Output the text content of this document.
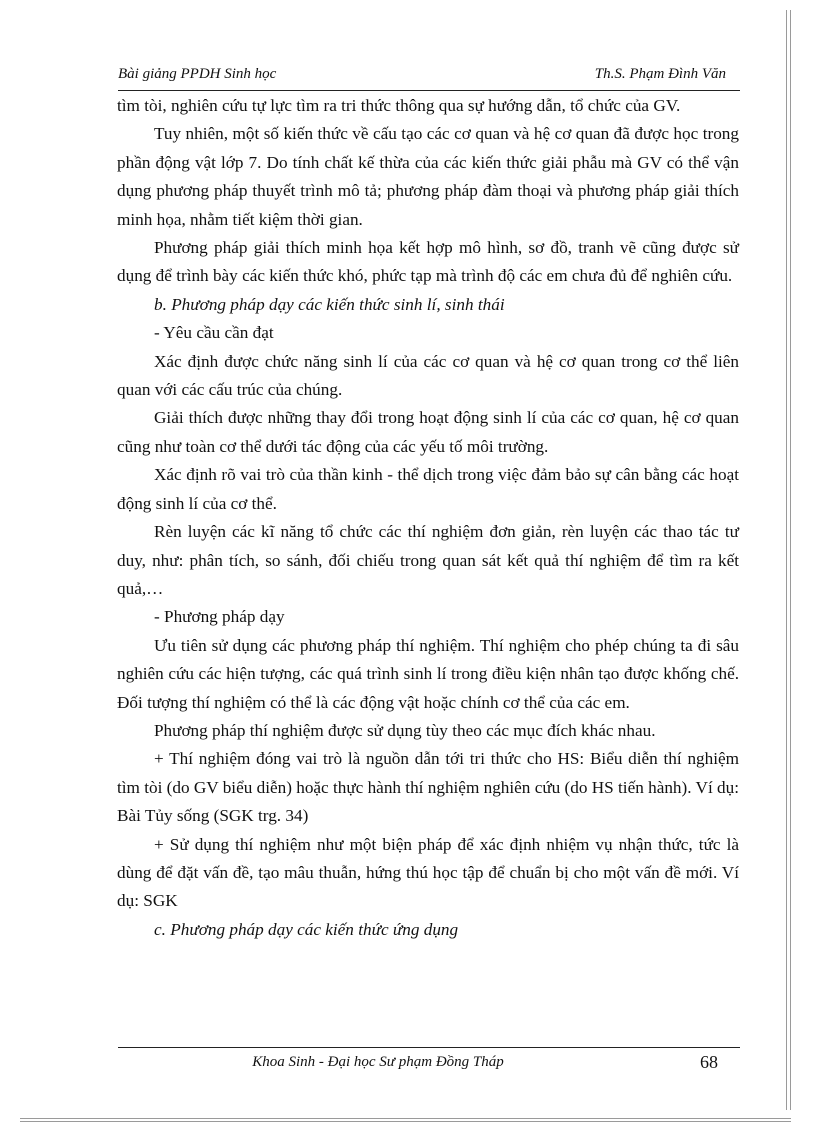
Bài giảng PPDH Sinh học	Th.S. Phạm Đình Văn

tìm tòi, nghiên cứu tự lực tìm ra tri thức thông qua sự hướng dẫn, tổ chức của GV.

Tuy nhiên, một số kiến thức về cấu tạo các cơ quan và hệ cơ quan đã được học trong phần động vật lớp 7. Do tính chất kế thừa của các kiến thức giải phẫu mà GV có thể vận dụng phương pháp thuyết trình mô tả; phương pháp đàm thoại và phương pháp giải thích minh họa, nhằm tiết kiệm thời gian.

Phương pháp giải thích minh họa kết hợp mô hình, sơ đồ, tranh vẽ cũng được sử dụng để trình bày các kiến thức khó, phức tạp mà trình độ các em chưa đủ để nghiên cứu.

b. Phương pháp dạy các kiến thức sinh lí, sinh thái

- Yêu cầu cần đạt

Xác định được chức năng sinh lí của các cơ quan và hệ cơ quan trong cơ thể liên quan với các cấu trúc của chúng.

Giải thích được những thay đổi trong hoạt động sinh lí của các cơ quan, hệ cơ quan cũng như toàn cơ thể dưới tác động của các yếu tố môi trường.

Xác định rõ vai trò của thần kinh - thể dịch trong việc đảm bảo sự cân bằng các hoạt động sinh lí của cơ thể.

Rèn luyện các kĩ năng tổ chức các thí nghiệm đơn giản, rèn luyện các thao tác tư duy, như: phân tích, so sánh, đối chiếu trong quan sát kết quả thí nghiệm để tìm ra kết quả,…

- Phương pháp dạy

Ưu tiên sử dụng các phương pháp thí nghiệm. Thí nghiệm cho phép chúng ta đi sâu nghiên cứu các hiện tượng, các quá trình sinh lí trong điều kiện nhân tạo được khống chế. Đối tượng thí nghiệm có thể là các động vật hoặc chính cơ thể của các em.

Phương pháp thí nghiệm được sử dụng tùy theo các mục đích khác nhau.

+ Thí nghiệm đóng vai trò là nguồn dẫn tới tri thức cho HS: Biểu diễn thí nghiệm tìm tòi (do GV biểu diễn) hoặc thực hành thí nghiệm nghiên cứu (do HS tiến hành). Ví dụ: Bài Tủy sống (SGK trg. 34)

+ Sử dụng thí nghiệm như một biện pháp để xác định nhiệm vụ nhận thức, tức là dùng để đặt vấn đề, tạo mâu thuẫn, hứng thú học tập để chuẩn bị cho một vấn đề mới. Ví dụ: SGK

c. Phương pháp dạy các kiến thức ứng dụng

Khoa Sinh - Đại học Sư phạm Đồng Tháp	68
